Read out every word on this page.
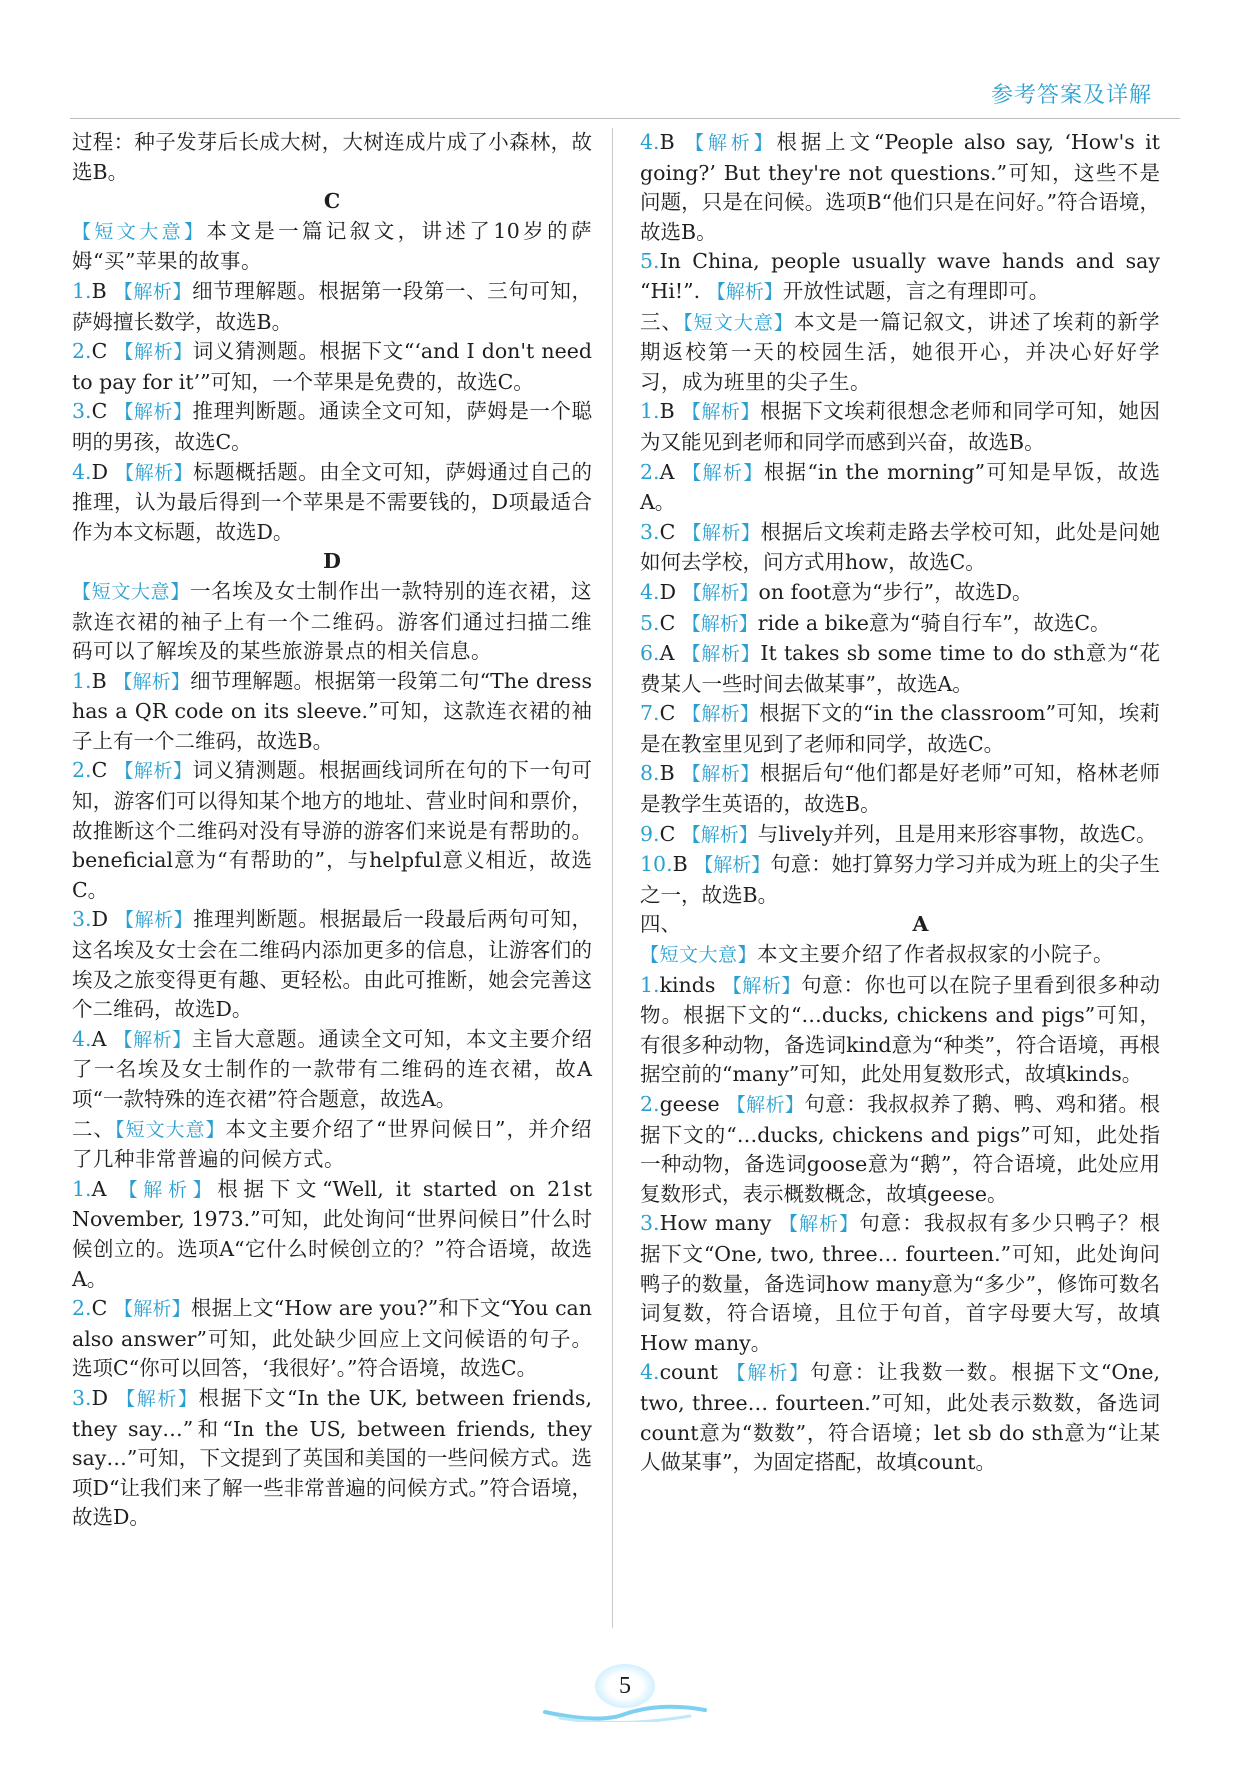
参考答案及详解

过程：种子发芽后长成大树，大树连成片成了小森林，故选B。

C

【短文大意】本文是一篇记叙文，讲述了10岁的萨姆“买”苹果的故事。

1.B 【解析】细节理解题。根据第一段第一、三句可知，萨姆擅长数学，故选B。

2.C 【解析】词义猜测题。根据下文“‘and I don't need to pay for it’”可知，一个苹果是免费的，故选C。

3.C 【解析】推理判断题。通读全文可知，萨姆是一个聪明的男孩，故选C。

4.D 【解析】标题概括题。由全文可知，萨姆通过自己的推理，认为最后得到一个苹果是不需要钱的，D项最适合作为本文标题，故选D。

D

【短文大意】一名埃及女士制作出一款特别的连衣裙，这款连衣裙的袖子上有一个二维码。游客们通过扫描二维码可以了解埃及的某些旅游景点的相关信息。

1.B 【解析】细节理解题。根据第一段第二句“The dress has a QR code on its sleeve.”可知，这款连衣裙的袖子上有一个二维码，故选B。

2.C 【解析】词义猜测题。根据画线词所在句的下一句可知，游客们可以得知某个地方的地址、营业时间和票价，故推断这个二维码对没有导游的游客们来说是有帮助的。beneficial意为“有帮助的”，与helpful意义相近，故选C。

3.D 【解析】推理判断题。根据最后一段最后两句可知，这名埃及女士会在二维码内添加更多的信息，让游客们的埃及之旅变得更有趣、更轻松。由此可推断，她会完善这个二维码，故选D。

4.A 【解析】主旨大意题。通读全文可知，本文主要介绍了一名埃及女士制作的一款带有二维码的连衣裙，故A项“一款特殊的连衣裙”符合题意，故选A。

二、【短文大意】本文主要介绍了“世界问候日”，并介绍了几种非常普遍的问候方式。

1.A 【解析】根据下文“Well, it started on 21st November, 1973.”可知，此处询问“世界问候日”什么时候创立的。选项A“它什么时候创立的？”符合语境，故选A。

2.C 【解析】根据上文“How are you?”和下文“You can also answer”可知，此处缺少回应上文问候语的句子。选项C“你可以回答，‘我很好’。”符合语境，故选C。

3.D 【解析】根据下文“In the UK, between friends, they say…”和“In the US, between friends, they say…”可知，下文提到了英国和美国的一些问候方式。选项D“让我们来了解一些非常普遍的问候方式。”符合语境，故选D。

4.B 【解析】根据上文“People also say, ‘How's it going?’ But they're not questions.”可知，这些不是问题，只是在问候。选项B“他们只是在问好。”符合语境，故选B。

5.In China, people usually wave hands and say “Hi!”. 【解析】开放性试题，言之有理即可。

三、【短文大意】本文是一篇记叙文，讲述了埃莉的新学期返校第一天的校园生活，她很开心，并决心好好学习，成为班里的尖子生。

1.B 【解析】根据下文埃莉很想念老师和同学可知，她因为又能见到老师和同学而感到兴奋，故选B。

2.A 【解析】根据“in the morning”可知是早饭，故选A。

3.C 【解析】根据后文埃莉走路去学校可知，此处是问她如何去学校，问方式用how，故选C。

4.D 【解析】on foot意为“步行”，故选D。

5.C 【解析】ride a bike意为“骑自行车”，故选C。

6.A 【解析】It takes sb some time to do sth意为“花费某人一些时间去做某事”，故选A。

7.C 【解析】根据下文的“in the classroom”可知，埃莉是在教室里见到了老师和同学，故选C。

8.B 【解析】根据后句“他们都是好老师”可知，格林老师是教学生英语的，故选B。

9.C 【解析】与lively并列，且是用来形容事物，故选C。

10.B 【解析】句意：她打算努力学习并成为班上的尖子生之一，故选B。

四、	A

【短文大意】本文主要介绍了作者叔叔家的小院子。

1.kinds 【解析】句意：你也可以在院子里看到很多种动物。根据下文的“…ducks, chickens and pigs”可知，有很多种动物，备选词kind意为“种类”，符合语境，再根据空前的“many”可知，此处用复数形式，故填kinds。

2.geese 【解析】句意：我叔叔养了鹅、鸭、鸡和猪。根据下文的“…ducks, chickens and pigs”可知，此处指一种动物，备选词goose意为“鹅”，符合语境，此处应用复数形式，表示概数概念，故填geese。

3.How many 【解析】句意：我叔叔有多少只鸭子？根据下文“One, two, three… fourteen.”可知，此处询问鸭子的数量，备选词how many意为“多少”，修饰可数名词复数，符合语境，且位于句首，首字母要大写，故填How many。

4.count 【解析】句意：让我数一数。根据下文“One, two, three… fourteen.”可知，此处表示数数，备选词count意为“数数”，符合语境；let sb do sth意为“让某人做某事”，为固定搭配，故填count。

5
